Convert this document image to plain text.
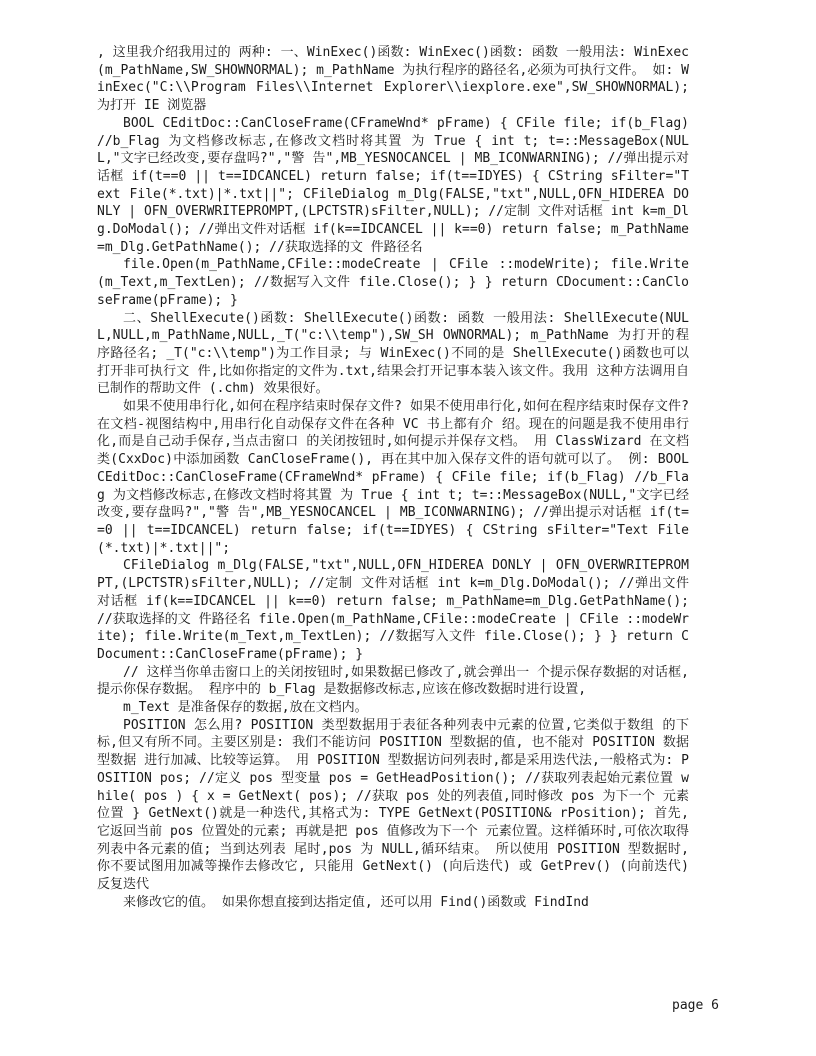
, 这里我介绍我用过的 两种: 一、WinExec()函数: WinExec()函数: 函数 一般用法: WinExec(m_PathName,SW_SHOWNORMAL); m_PathName 为执行程序的路径名,必须为可执行文件。 如: WinExec("C:\\Program Files\\Internet Explorer\\iexplore.exe",SW_SHOWNORMAL);为打开 IE 浏览器

BOOL CEditDoc::CanCloseFrame(CFrameWnd* pFrame) { CFile file; if(b_Flag) //b_Flag 为文档修改标志,在修改文档时将其置 为 True { int t; t=::MessageBox(NULL,"文字已经改变,要存盘吗?","警 告",MB_YESNOCANCEL | MB_ICONWARNING); //弹出提示对话框 if(t==0 || t==IDCANCEL) return false; if(t==IDYES) { CString sFilter="Text File(*.txt)|*.txt||"; CFileDialog m_Dlg(FALSE,"txt",NULL,OFN_HIDEREA DONLY | OFN_OVERWRITEPROMPT,(LPCTSTR)sFilter,NULL); //定制 文件对话框 int k=m_Dlg.DoModal(); //弹出文件对话框 if(k==IDCANCEL || k==0) return false; m_PathName=m_Dlg.GetPathName(); //获取选择的文 件路径名

file.Open(m_PathName,CFile::modeCreate | CFile ::modeWrite); file.Write(m_Text,m_TextLen); //数据写入文件 file.Close(); } } return CDocument::CanCloseFrame(pFrame); }

二、ShellExecute()函数: ShellExecute()函数: 函数 一般用法: ShellExecute(NULL,NULL,m_PathName,NULL,_T("c:\\temp"),SW_SH OWNORMAL); m_PathName 为打开的程序路径名; _T("c:\\temp")为工作目录; 与 WinExec()不同的是 ShellExecute()函数也可以打开非可执行文 件,比如你指定的文件为.txt,结果会打开记事本装入该文件。我用 这种方法调用自已制作的帮助文件 (.chm) 效果很好。

如果不使用串行化,如何在程序结束时保存文件? 如果不使用串行化,如何在程序结束时保存文件? 在文档-视图结构中,用串行化自动保存文件在各种 VC 书上都有介 绍。现在的问题是我不使用串行化,而是自己动手保存,当点击窗口 的关闭按钮时,如何提示并保存文档。 用 ClassWizard 在文档类(CxxDoc)中添加函数 CanCloseFrame(), 再在其中加入保存文件的语句就可以了。 例: BOOL CEditDoc::CanCloseFrame(CFrameWnd* pFrame) { CFile file; if(b_Flag) //b_Flag 为文档修改标志,在修改文档时将其置 为 True { int t; t=::MessageBox(NULL,"文字已经改变,要存盘吗?","警 告",MB_YESNOCANCEL | MB_ICONWARNING); //弹出提示对话框 if(t==0 || t==IDCANCEL) return false; if(t==IDYES) { CString sFilter="Text File(*.txt)|*.txt||";

CFileDialog m_Dlg(FALSE,"txt",NULL,OFN_HIDEREA DONLY | OFN_OVERWRITEPROMPT,(LPCTSTR)sFilter,NULL); //定制 文件对话框 int k=m_Dlg.DoModal(); //弹出文件对话框 if(k==IDCANCEL || k==0) return false; m_PathName=m_Dlg.GetPathName(); //获取选择的文 件路径名 file.Open(m_PathName,CFile::modeCreate | CFile ::modeWrite); file.Write(m_Text,m_TextLen); //数据写入文件 file.Close(); } } return CDocument::CanCloseFrame(pFrame); }

// 这样当你单击窗口上的关闭按钮时,如果数据已修改了,就会弹出一 个提示保存数据的对话框,提示你保存数据。 程序中的 b_Flag 是数据修改标志,应该在修改数据时进行设置,

m_Text 是准备保存的数据,放在文档内。

POSITION 怎么用? POSITION 类型数据用于表征各种列表中元素的位置,它类似于数组 的下标,但又有所不同。主要区别是: 我们不能访问 POSITION 型数据的值, 也不能对 POSITION 数据型数据 进行加减、比较等运算。 用 POSITION 型数据访问列表时,都是采用迭代法,一般格式为: POSITION pos; //定义 pos 型变量 pos = GetHeadPosition(); //获取列表起始元素位置 while( pos ) { x = GetNext( pos); //获取 pos 处的列表值,同时修改 pos 为下一个 元素位置 } GetNext()就是一种迭代,其格式为: TYPE GetNext(POSITION& rPosition); 首先,它返回当前 pos 位置处的元素; 再就是把 pos 值修改为下一个 元素位置。这样循环时,可依次取得列表中各元素的值; 当到达列表 尾时,pos 为 NULL,循环结束。 所以使用 POSITION 型数据时,你不要试图用加减等操作去修改它, 只能用 GetNext() (向后迭代) 或 GetPrev() (向前迭代) 反复迭代

来修改它的值。 如果你想直接到达指定值, 还可以用 Find()函数或 FindInd

page 6
